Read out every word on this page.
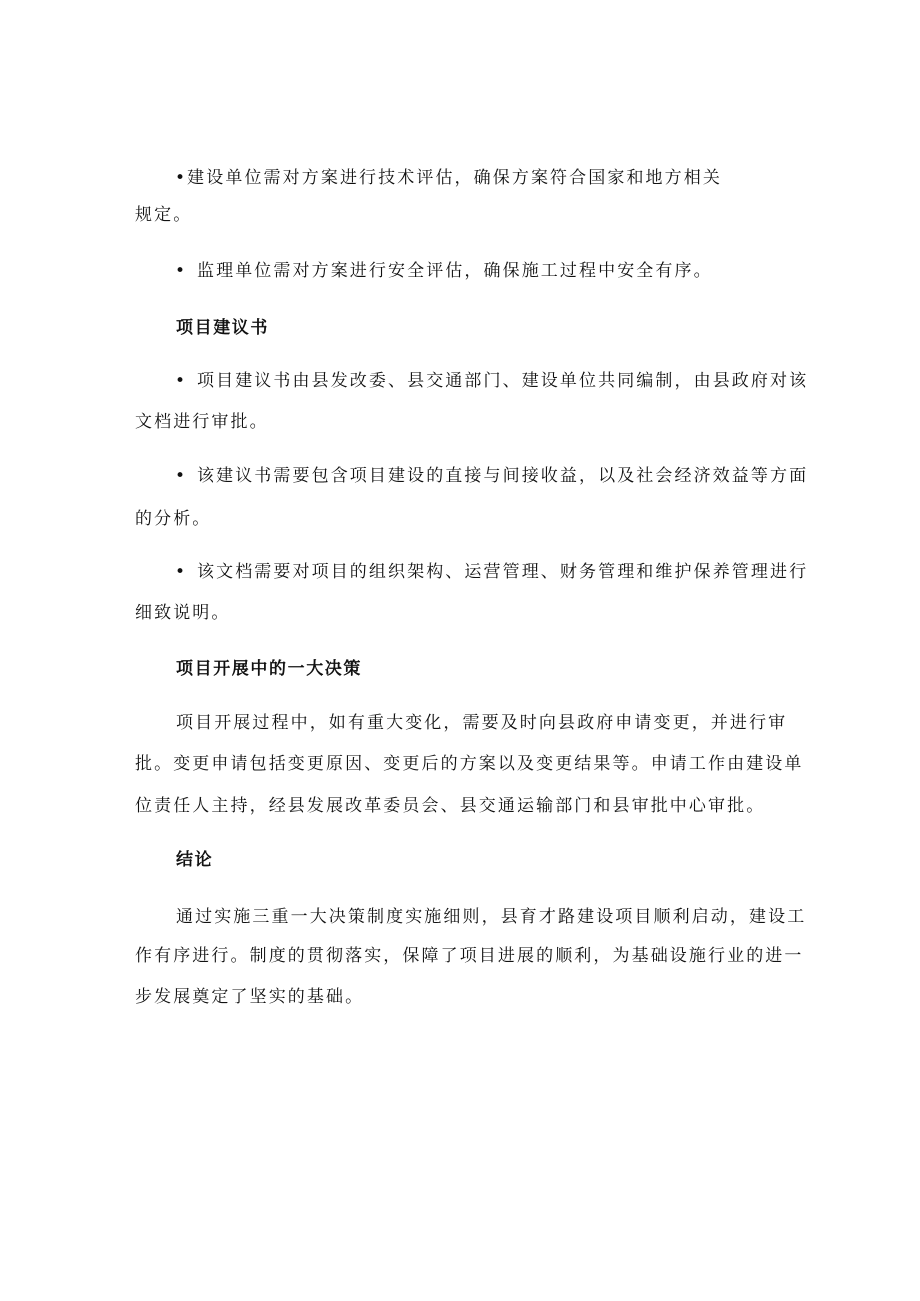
•建设单位需对方案进行技术评估，确保方案符合国家和地方相关
规定。
• 监理单位需对方案进行安全评估，确保施工过程中安全有序。
项目建议书
• 项目建议书由县发改委、县交通部门、建设单位共同编制，由县政府对该
文档进行审批。
• 该建议书需要包含项目建设的直接与间接收益，以及社会经济效益等方面
的分析。
• 该文档需要对项目的组织架构、运营管理、财务管理和维护保养管理进行
细致说明。
项目开展中的一大决策
项目开展过程中，如有重大变化，需要及时向县政府申请变更，并进行审
批。变更申请包括变更原因、变更后的方案以及变更结果等。申请工作由建设单
位责任人主持，经县发展改革委员会、县交通运输部门和县审批中心审批。
结论
通过实施三重一大决策制度实施细则，县育才路建设项目顺利启动，建设工
作有序进行。制度的贯彻落实，保障了项目进展的顺利，为基础设施行业的进一
步发展奠定了坚实的基础。
